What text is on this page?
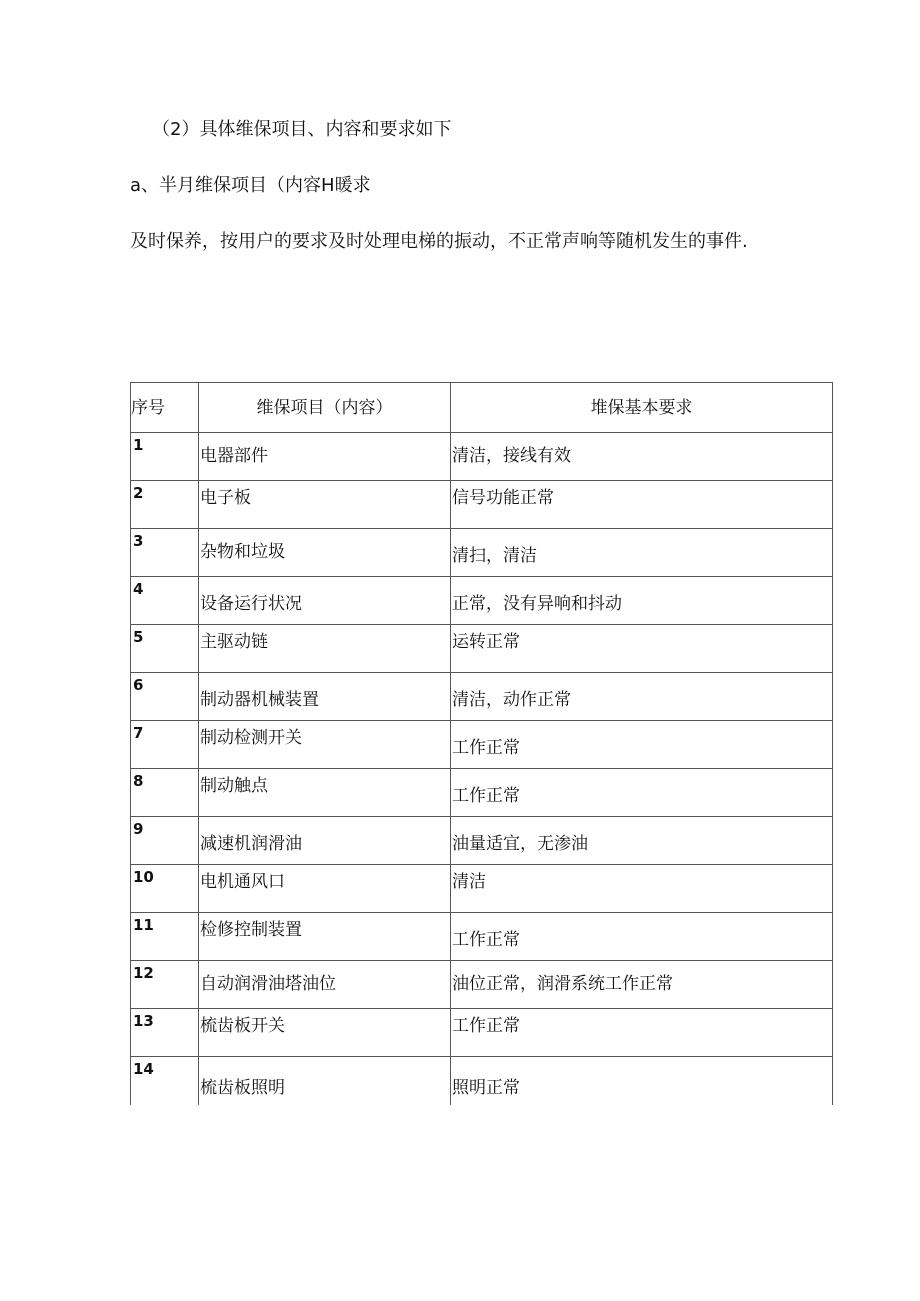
（2）具体维保项目、内容和要求如下
a、半月维保项目（内容H暖求
及时保养，按用户的要求及时处理电梯的振动，不正常声响等随机发生的事件.
序号	维保项目（内容）	堆保基本要求

1	电器部件	清洁，接线有效

2	电子板	信号功能正常

3	杂物和垃圾	清扫，清洁

4	设备运行状况	正常，没有异响和抖动

5	主驱动链	运转正常

6	制动器机械装置	清洁，动作正常

7	制动检测开关	工作正常

8	制动触点	工作正常

9	减速机润滑油	油量适宜，无渗油

10	电机通风口	清洁

11	检修控制装置	工作正常

12	自动润滑油塔油位	油位正常，润滑系统工作正常

13	梳齿板开关	工作正常

14	梳齿板照明	照明正常
